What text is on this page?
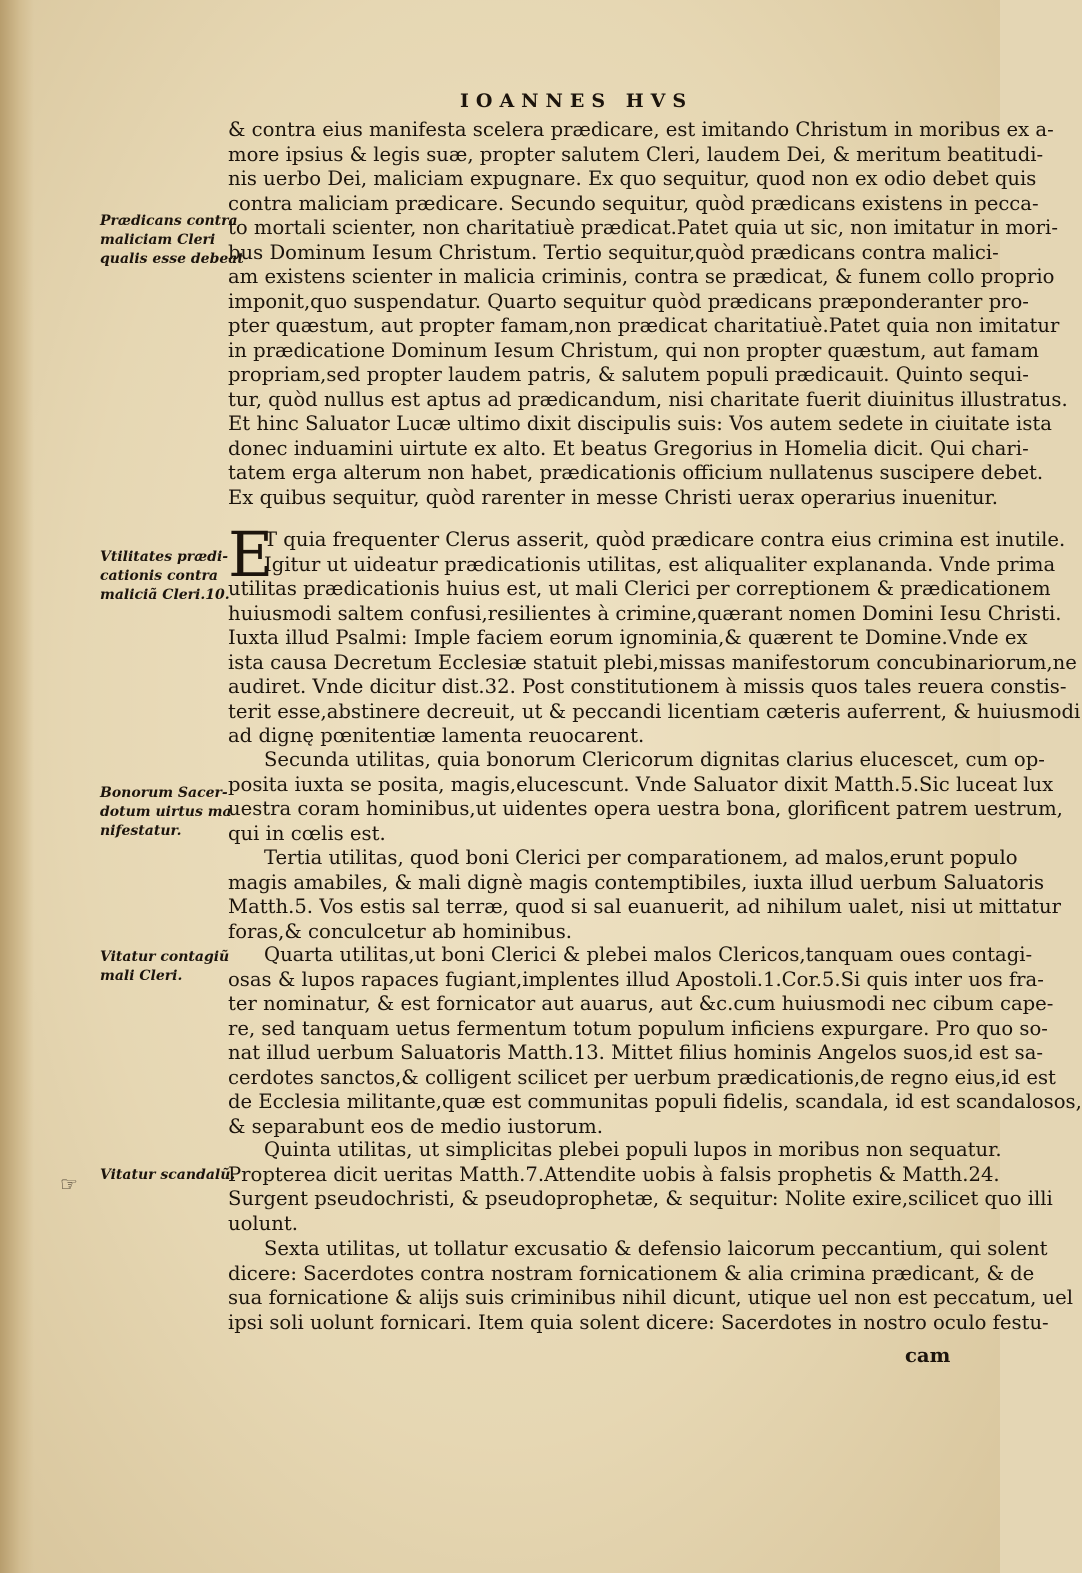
IOANNES HVS
& contra eius manifesta scelera prædicare, est imitando Christum in moribus ex a-
more ipsius & legis suæ, propter salutem Cleri, laudem Dei, & meritum beatitudi-
nis uerbo Dei, maliciam expugnare. Ex quo sequitur, quod non ex odio debet quis
contra maliciam prædicare. Secundo sequitur, quòd prædicans existens in pecca-
to mortali scienter, non charitatiuè prædicat.Patet quia ut sic, non imitatur in mori-
bus Dominum Iesum Christum. Tertio sequitur,quòd prædicans contra malici-
am existens scienter in malicia criminis, contra se prædicat, & funem collo proprio
imponit,quo suspendatur. Quarto sequitur quòd prædicans præponderanter pro-
pter quæstum, aut propter famam,non prædicat charitatiuè.Patet quia non imitatur
in prædicatione Dominum Iesum Christum, qui non propter quæstum, aut famam
propriam,sed propter laudem patris, & salutem populi prædicauit. Quinto sequi-
tur, quòd nullus est aptus ad prædicandum, nisi charitate fuerit diuinitus illustratus.
Et hinc Saluator Lucæ ultimo dixit discipulis suis: Vos autem sedete in ciuitate ista
donec induamini uirtute ex alto. Et beatus Gregorius in Homelia dicit. Qui chari-
tatem erga alterum non habet, prædicationis officium nullatenus suscipere debet.
Ex quibus sequitur, quòd rarenter in messe Christi uerax operarius inuenitur.
E
T quia frequenter Clerus asserit, quòd prædicare contra eius crimina est inutile.
Igitur ut uideatur prædicationis utilitas, est aliqualiter explananda. Vnde prima
utilitas prædicationis huius est, ut mali Clerici per correptionem & prædicationem
huiusmodi saltem confusi,resilientes à crimine,quærant nomen Domini Iesu Christi.
Iuxta illud Psalmi: Imple faciem eorum ignominia,& quærent te Domine.Vnde ex
ista causa Decretum Ecclesiæ statuit plebi,missas manifestorum concubinariorum,ne
audiret. Vnde dicitur dist.32. Post constitutionem à missis quos tales reuera constis-
terit esse,abstinere decreuit, ut & peccandi licentiam cæteris auferrent, & huiusmodi
ad dignę pœnitentiæ lamenta reuocarent.
Secunda utilitas, quia bonorum Clericorum dignitas clarius elucescet, cum op-
posita iuxta se posita, magis,elucescunt. Vnde Saluator dixit Matth.5.Sic luceat lux
uestra coram hominibus,ut uidentes opera uestra bona, glorificent patrem uestrum,
qui in cœlis est.
Tertia utilitas, quod boni Clerici per comparationem, ad malos,erunt populo
magis amabiles, & mali dignè magis contemptibiles, iuxta illud uerbum Saluatoris
Matth.5. Vos estis sal terræ, quod si sal euanuerit, ad nihilum ualet, nisi ut mittatur
foras,& conculcetur ab hominibus.
Quarta utilitas,ut boni Clerici & plebei malos Clericos,tanquam oues contagi-
osas & lupos rapaces fugiant,implentes illud Apostoli.1.Cor.5.Si quis inter uos fra-
ter nominatur, & est fornicator aut auarus, aut &c.cum huiusmodi nec cibum cape-
re, sed tanquam uetus fermentum totum populum inficiens expurgare. Pro quo so-
nat illud uerbum Saluatoris Matth.13. Mittet filius hominis Angelos suos,id est sa-
cerdotes sanctos,& colligent scilicet per uerbum prædicationis,de regno eius,id est
de Ecclesia militante,quæ est communitas populi fidelis, scandala, id est scandalosos,
& separabunt eos de medio iustorum.
Quinta utilitas, ut simplicitas plebei populi lupos in moribus non sequatur.
Propterea dicit ueritas Matth.7.Attendite uobis à falsis prophetis & Matth.24.
Surgent pseudochristi, & pseudoprophetæ, & sequitur: Nolite exire,scilicet quo illi
uolunt.
Sexta utilitas, ut tollatur excusatio & defensio laicorum peccantium, qui solent
dicere: Sacerdotes contra nostram fornicationem & alia crimina prædicant, & de
sua fornicatione & alijs suis criminibus nihil dicunt, utique uel non est peccatum, uel
ipsi soli uolunt fornicari. Item quia solent dicere: Sacerdotes in nostro oculo festu-
cam
Prædicans contra
maliciam Cleri
qualis esse debeat
Vtilitates prædi-
cationis contra
maliciã Cleri.10.
Bonorum Sacer-
dotum uirtus ma
nifestatur.
Vitatur contagiũ
mali Cleri.
Vitatur scandalũ.
☞
